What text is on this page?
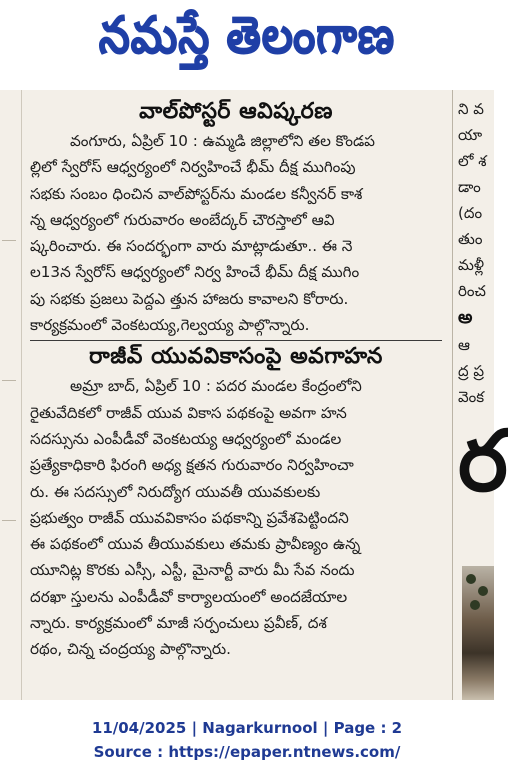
నమస్తే తెలంగాణ
వాల్‌పోస్టర్ ఆవిష్కరణ

వంగూరు, ఏప్రిల్ 10 : ఉమ్మడి జిల్లాలోని తల కొండప

ల్లిలో స్వేరోస్ ఆధ్వర్యంలో నిర్వహించే భీమ్ దీక్ష ముగింపు

సభకు సంబం ధించిన వాల్‌పోస్టర్‌ను మండల కన్వీనర్ కాశ

న్న ఆధ్వర్యంలో గురువారం అంబేద్కర్ చౌరస్తాలో ఆవి

ష్కరించారు. ఈ సందర్భంగా వారు మాట్లాడుతూ.. ఈ నె

ల13న స్వేరోస్ ఆధ్వర్యంలో నిర్వ హించే భీమ్ దీక్ష ముగిం

పు సభకు ప్రజలు పెద్దఎ త్తున హాజరు కావాలని కోరారు.

కార్యక్రమంలో వెంకటయ్య,గెల్వయ్య పాల్గొన్నారు.

రాజీవ్ యువవికాసంపై అవగాహన

అమ్రా బాద్, ఏప్రిల్ 10 : పదర మండల కేంద్రంలోని

రైతువేదికలో రాజీవ్ యువ వికాస పథకంపై అవగా హన

సదస్సును ఎంపీడీవో వెంకటయ్య ఆధ్వర్యంలో మండల

ప్రత్యేకాధికారి ఫిరంగి అధ్య క్షతన గురువారం నిర్వహించా

రు. ఈ సదస్సులో నిరుద్యోగ యువతీ యువకులకు

ప్రభుత్వం రాజీవ్ యువవికాసం పథకాన్ని ప్రవేశపెట్టిందని

ఈ పథకంలో యువ తీయువకులు తమకు ప్రావీణ్యం ఉన్న

యూనిట్ల కొరకు ఎస్సీ, ఎస్టీ, మైనార్టీ వారు మీ సేవ నందు

దరఖా స్తులను ఎంపీడీవో కార్యాలయంలో అందజేయాల

న్నారు. కార్యక్రమంలో మాజీ సర్పంచులు ప్రవీణ్, దశ

రథం, చిన్న చంద్రయ్య పాల్గొన్నారు.

ని వ
యా
లో శ
డాం
(దం
తుం
మళ్లీ
రించ
అ
ఆ
ద్ర ప్ర
వెంక
ర
11/04/2025 | Nagarkurnool | Page : 2
Source : https://epaper.ntnews.com/
